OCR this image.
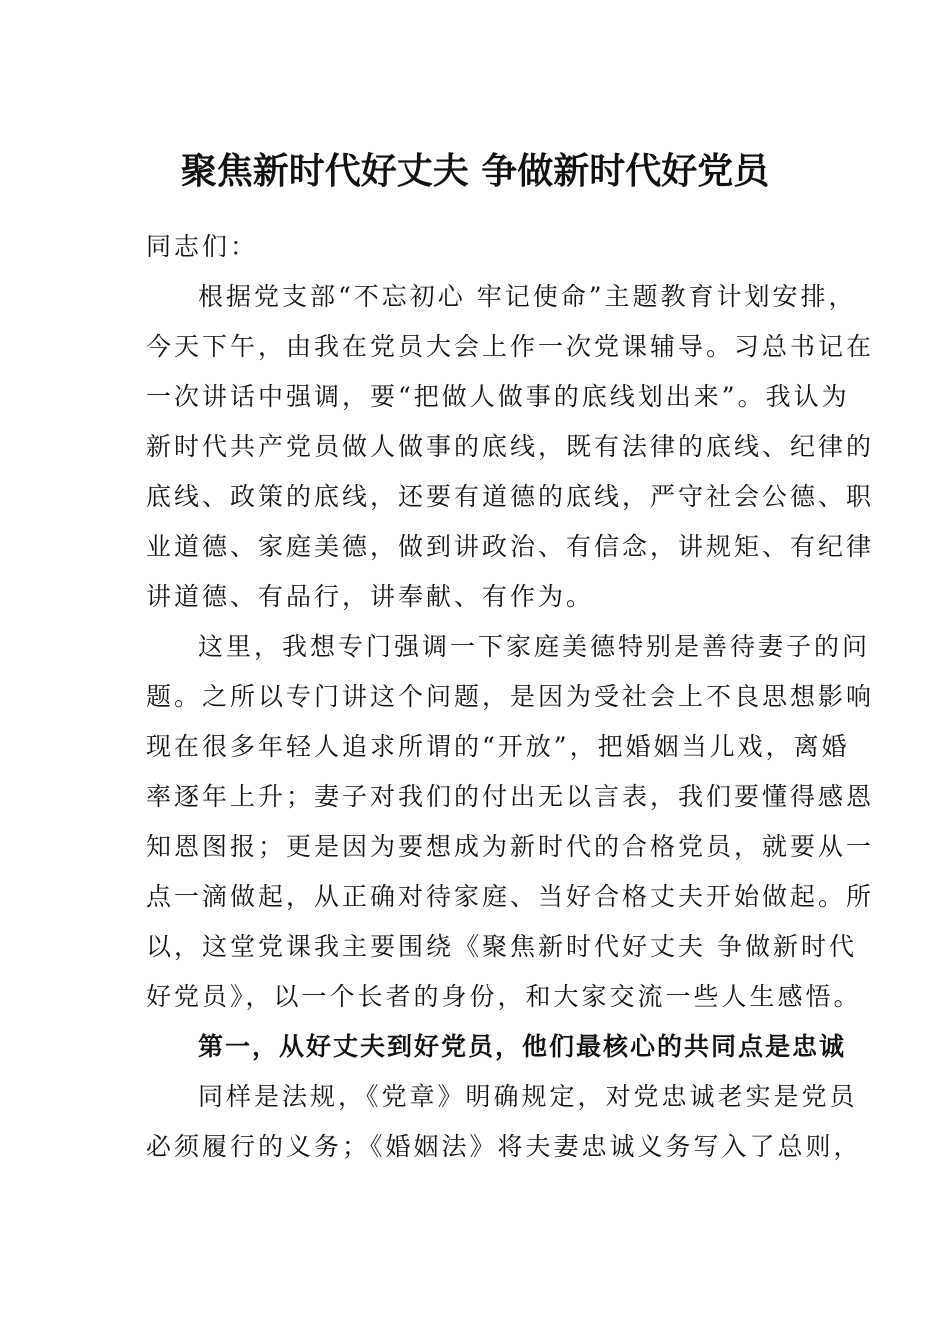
聚焦新时代好丈夫 争做新时代好党员
同志们：
根据党支部“不忘初心 牢记使命”主题教育计划安排，
今天下午，由我在党员大会上作一次党课辅导。习总书记在
一次讲话中强调，要“把做人做事的底线划出来”。我认为
新时代共产党员做人做事的底线，既有法律的底线、纪律的
底线、政策的底线，还要有道德的底线，严守社会公德、职
业道德、家庭美德，做到讲政治、有信念，讲规矩、有纪律
讲道德、有品行，讲奉献、有作为。
这里，我想专门强调一下家庭美德特别是善待妻子的问
题。之所以专门讲这个问题，是因为受社会上不良思想影响
现在很多年轻人追求所谓的“开放”，把婚姻当儿戏，离婚
率逐年上升；妻子对我们的付出无以言表，我们要懂得感恩
知恩图报；更是因为要想成为新时代的合格党员，就要从一
点一滴做起，从正确对待家庭、当好合格丈夫开始做起。所
以，这堂党课我主要围绕《聚焦新时代好丈夫 争做新时代
好党员》，以一个长者的身份，和大家交流一些人生感悟。
第一，从好丈夫到好党员，他们最核心的共同点是忠诚
同样是法规，《党章》明确规定，对党忠诚老实是党员
必须履行的义务；《婚姻法》将夫妻忠诚义务写入了总则，
